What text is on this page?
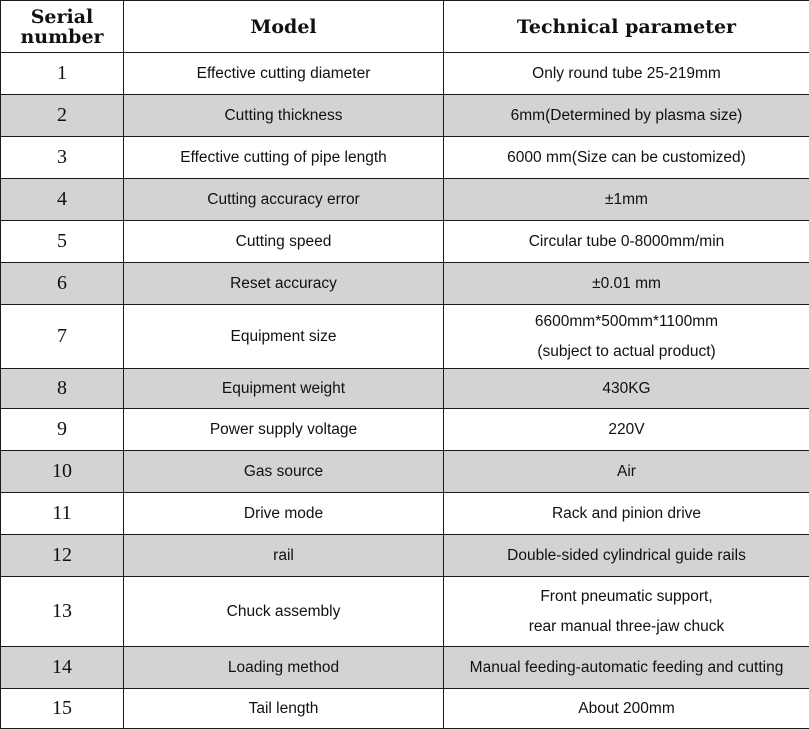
Serial number	Model	Technical parameter
1	Effective cutting diameter	Only round tube 25-219mm

2	Cutting thickness	6mm(Determined by plasma size)

3	Effective cutting of pipe length	6000 mm(Size can be customized)

4	Cutting accuracy error	±1mm

5	Cutting speed	Circular tube 0-8000mm/min

6	Reset accuracy	±0.01 mm

7	Equipment size	6600mm*500mm*1100mm
(subject to actual product)

8	Equipment weight	430KG

9	Power supply voltage	220V

10	Gas source	Air

11	Drive mode	Rack and pinion drive

12	rail	Double-sided cylindrical guide rails

13	Chuck assembly	Front pneumatic support,
rear manual three-jaw chuck

14	Loading method	Manual feeding-automatic feeding and cutting

15	Tail length	About 200mm
